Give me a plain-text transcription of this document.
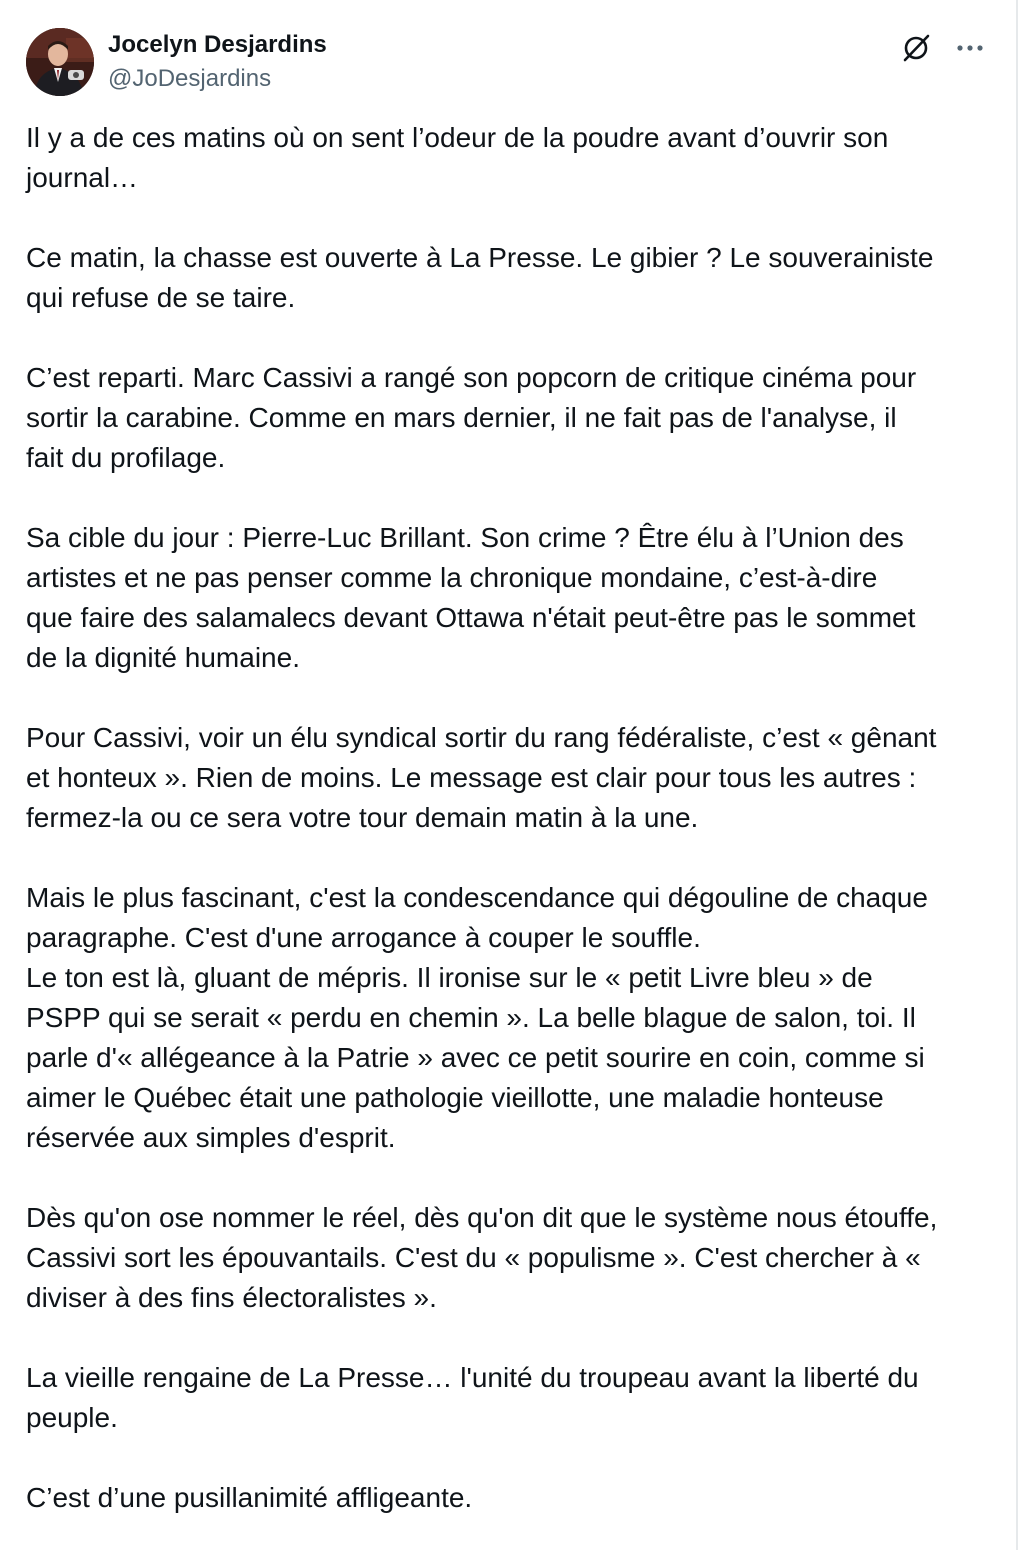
Jocelyn Desjardins
@JoDesjardins
Il y a de ces matins où on sent l’odeur de la poudre avant d’ouvrir son
journal…
Ce matin, la chasse est ouverte à La Presse. Le gibier ? Le souverainiste
qui refuse de se taire.
C’est reparti. Marc Cassivi a rangé son popcorn de critique cinéma pour
sortir la carabine. Comme en mars dernier, il ne fait pas de l'analyse, il
fait du profilage.
Sa cible du jour : Pierre-Luc Brillant. Son crime ? Être élu à l’Union des
artistes et ne pas penser comme la chronique mondaine, c’est-à-dire
que faire des salamalecs devant Ottawa n'était peut-être pas le sommet
de la dignité humaine.
Pour Cassivi, voir un élu syndical sortir du rang fédéraliste, c’est « gênant
et honteux ». Rien de moins. Le message est clair pour tous les autres :
fermez-la ou ce sera votre tour demain matin à la une.
Mais le plus fascinant, c'est la condescendance qui dégouline de chaque
paragraphe. C'est d'une arrogance à couper le souffle.
Le ton est là, gluant de mépris. Il ironise sur le « petit Livre bleu » de
PSPP qui se serait « perdu en chemin ». La belle blague de salon, toi. Il
parle d'« allégeance à la Patrie » avec ce petit sourire en coin, comme si
aimer le Québec était une pathologie vieillotte, une maladie honteuse
réservée aux simples d'esprit.
Dès qu'on ose nommer le réel, dès qu'on dit que le système nous étouffe,
Cassivi sort les épouvantails. C'est du « populisme ». C'est chercher à «
diviser à des fins électoralistes ».
La vieille rengaine de La Presse… l'unité du troupeau avant la liberté du
peuple.
C’est d’une pusillanimité affligeante.
